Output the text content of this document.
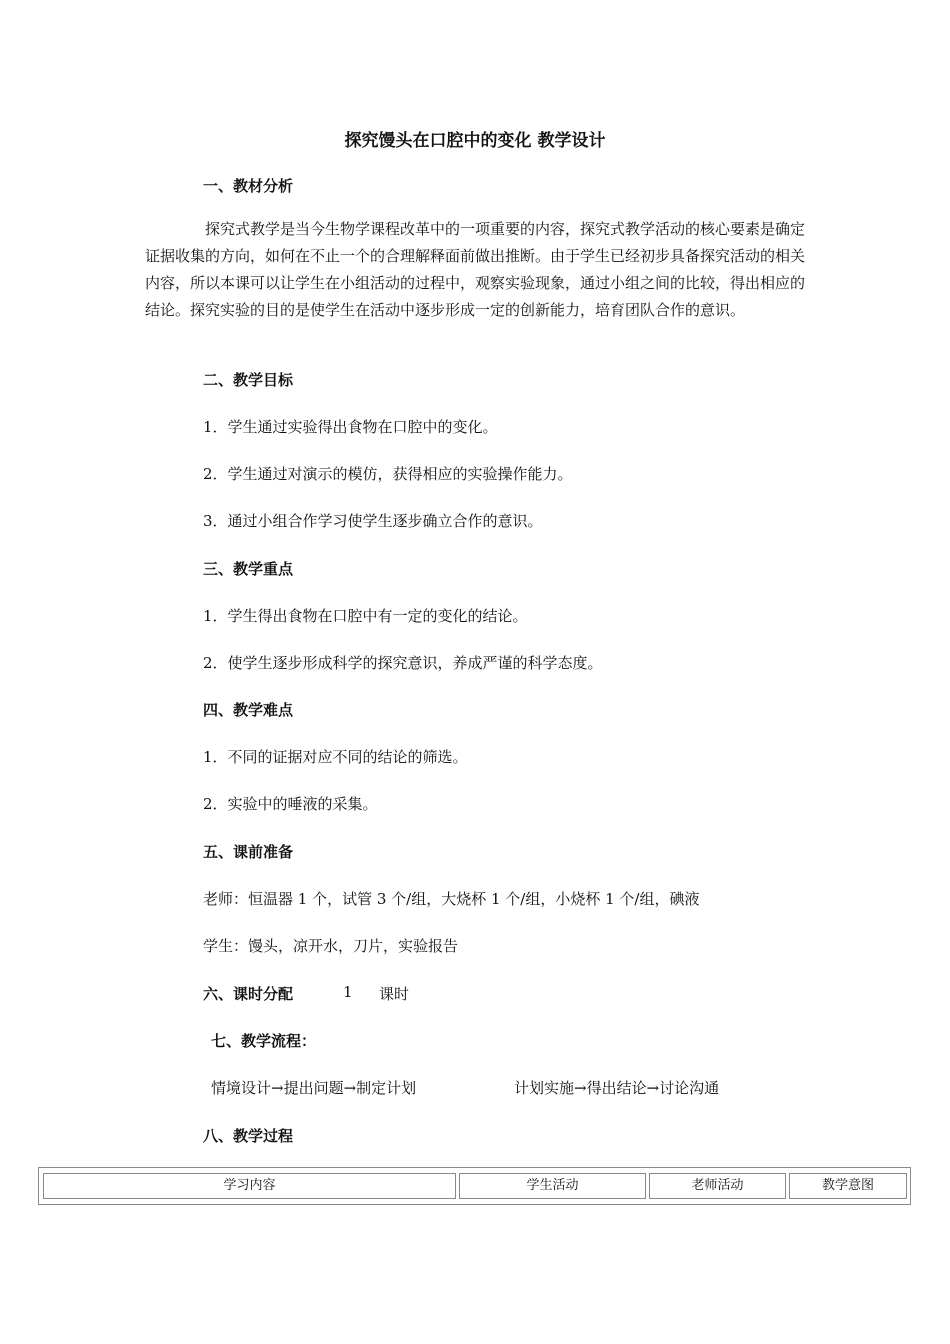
探究馒头在口腔中的变化 教学设计
一、教材分析
探究式教学是当今生物学课程改革中的一项重要的内容，探究式教学活动的核心要素是确定证据收集的方向，如何在不止一个的合理解释面前做出推断。由于学生已经初步具备探究活动的相关内容，所以本课可以让学生在小组活动的过程中，观察实验现象，通过小组之间的比较，得出相应的结论。探究实验的目的是使学生在活动中逐步形成一定的创新能力，培育团队合作的意识。
二、教学目标
1．学生通过实验得出食物在口腔中的变化。
2．学生通过对演示的模仿，获得相应的实验操作能力。
3．通过小组合作学习使学生逐步确立合作的意识。
三、教学重点
1．学生得出食物在口腔中有一定的变化的结论。
2．使学生逐步形成科学的探究意识，养成严谨的科学态度。
四、教学难点
1．不同的证据对应不同的结论的筛选。
2．实验中的唾液的采集。
五、课前准备
老师：恒温器 1 个，试管 3 个/组，大烧杯 1 个/组，小烧杯 1 个/组，碘液
学生：馒头，凉开水，刀片，实验报告
六、课时分配	1 课时
七、教学流程：
情境设计→提出问题→制定计划	计划实施→得出结论→讨论沟通
八、教学过程
学习内容	学生活动	老师活动	教学意图
